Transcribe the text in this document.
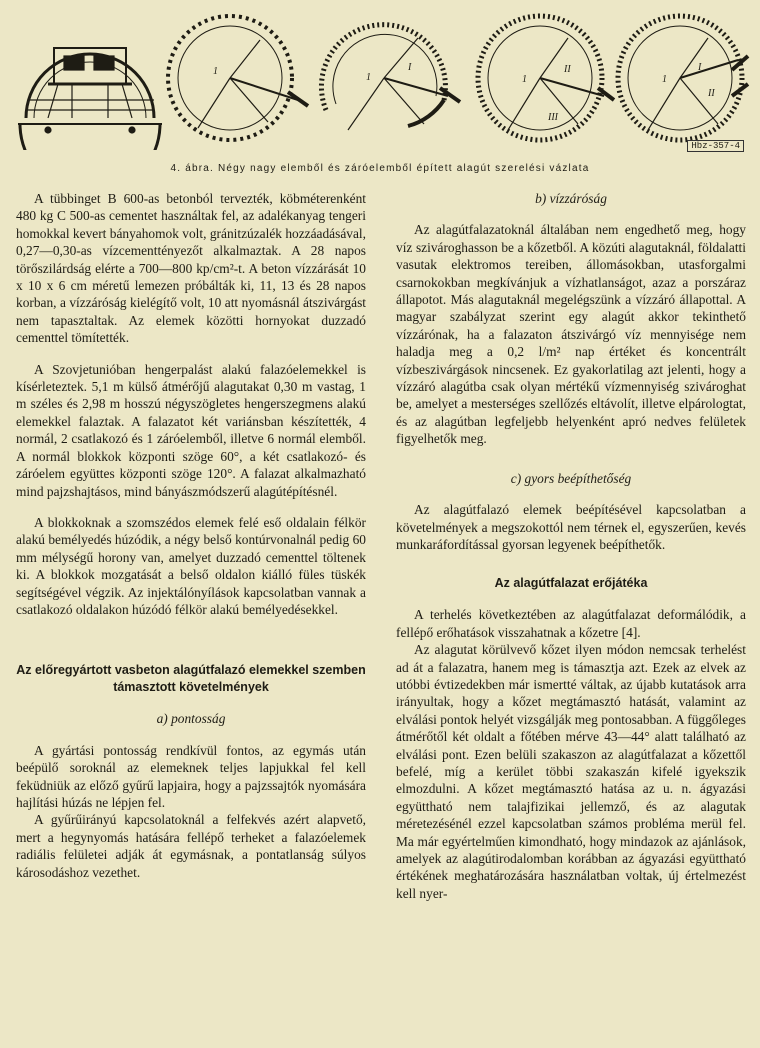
1
1
I
1
II
III
1
I
II
Hbz-357-4
4. ábra. Négy nagy elemből és záróelemből épített alagút szerelési vázlata

A tübbinget B 600-as betonból tervezték, köbméterenként 480 kg C 500-as cementet használtak fel, az adalékanyag tengeri homokkal kevert bányahomok volt, gránitzúzalék hozzáadásával, 0,27—0,30-as vízcementtényezőt alkalmaztak. A 28 napos törőszilárdság elérte a 700—800 kp/cm²-t. A beton vízzárását 10 x 10 x 6 cm méretű lemezen próbálták ki, 11, 13 és 28 napos korban, a vízzáróság kielégítő volt, 10 att nyomásnál átszivárgást nem tapasztaltak. Az elemek közötti hornyokat duzzadó cementtel tömítették.

A Szovjetunióban hengerpalást alakú falazóelemekkel is kísérleteztek. 5,1 m külső átmérőjű alagutakat 0,30 m vastag, 1 m széles és 2,98 m hosszú négyszögletes hengerszegmens alakú elemekkel falaztak. A falazatot két variánsban készítették, 4 normál, 2 csatlakozó és 1 záróelemből, illetve 6 normál elemből. A normál blokkok központi szöge 60°, a két csatlakozó- és záróelem együttes központi szöge 120°. A falazat alkalmazható mind pajzshajtásos, mind bányászmódszerű alagútépítésnél.

A blokkoknak a szomszédos elemek felé eső oldalain félkör alakú bemélyedés húzódik, a négy belső kontúrvonalnál pedig 60 mm mélységű horony van, amelyet duzzadó cementtel töltenek ki. A blokkok mozgatását a belső oldalon kiálló füles tüskék segítségével végzik. Az injektálónyílások kapcsolatban vannak a csatlakozó oldalakon húzódó félkör alakú bemélyedésekkel.

Az előregyártott vasbeton alagútfalazó elemekkel szemben támasztott követelmények
a) pontosság

A gyártási pontosság rendkívül fontos, az egymás után beépülő soroknál az elemeknek teljes lapjukkal fel kell feküdniük az előző gyűrű lapjaira, hogy a pajzssajtók nyomására hajlítási húzás ne lépjen fel.

A gyűrűirányú kapcsolatoknál a felfekvés azért alapvető, mert a hegynyomás hatására fellépő terheket a falazóelemek radiális felületei adják át egymásnak, a pontatlanság súlyos károsodáshoz vezethet.

b) vízzáróság

Az alagútfalazatoknál általában nem engedhető meg, hogy víz szivároghasson be a kőzetből. A közúti alagutaknál, földalatti vasutak elektromos tereiben, állomásokban, utasforgalmi csarnokokban megkívánjuk a vízhatlanságot, azaz a porszáraz állapotot. Más alagutaknál megelégszünk a vízzáró állapottal. A magyar szabályzat szerint egy alagút akkor tekinthető vízzárónak, ha a falazaton átszivárgó víz mennyisége nem haladja meg a 0,2 l/m² nap értéket és koncentrált vízbeszivárgások nincsenek. Ez gyakorlatilag azt jelenti, hogy a vízzáró alagútba csak olyan mértékű vízmennyiség szivároghat be, amelyet a mesterséges szellőzés eltávolít, illetve elpárologtat, és az alagútban legfeljebb helyenként apró nedves felületek figyelhetők meg.

c) gyors beépíthetőség

Az alagútfalazó elemek beépítésével kapcsolatban a követelmények a megszokottól nem térnek el, egyszerűen, kevés munkaráfordítással gyorsan legyenek beépíthetők.

Az alagútfalazat erőjátéka

A terhelés következtében az alagútfalazat deformálódik, a fellépő erőhatások visszahatnak a kőzetre [4].

Az alagutat körülvevő kőzet ilyen módon nemcsak terhelést ad át a falazatra, hanem meg is támasztja azt. Ezek az elvek az utóbbi évtizedekben már ismertté váltak, az újabb kutatások arra irányultak, hogy a kőzet megtámasztó hatását, valamint az elválási pontok helyét vizsgálják meg pontosabban. A függőleges átmérőtől két oldalt a főtében mérve 43—44° alatt található az elválási pont. Ezen belüli szakaszon az alagútfalazat a kőzettől befelé, míg a kerület többi szakaszán kifelé igyekszik elmozdulni. A kőzet megtámasztó hatása az u. n. ágyazási együttható nem talajfizikai jellemző, és az alagutak méretezésénél ezzel kapcsolatban számos probléma merül fel. Ma már egyértelműen kimondható, hogy mindazok az ajánlások, amelyek az alagútirodalomban korábban az ágyazási együttható értékének meghatározására használatban voltak, új értelmezést kell nyer-
